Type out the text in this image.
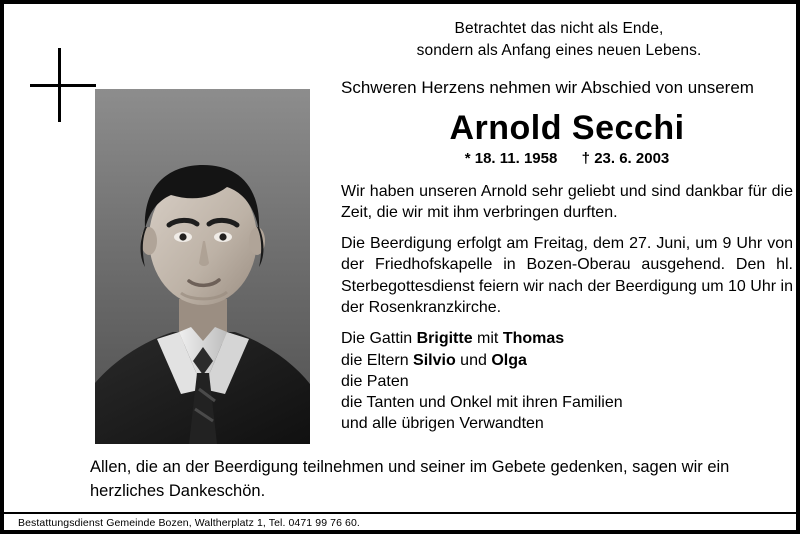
Betrachtet das nicht als Ende,
sondern als Anfang eines neuen Lebens.

Schweren Herzens nehmen wir Abschied von unserem

Arnold Secchi
* 18. 11. 1958 † 23. 6. 2003

Wir haben unseren Arnold sehr geliebt und sind dankbar für die Zeit, die wir mit ihm verbringen durften.

Die Beerdigung erfolgt am Freitag, dem 27. Juni, um 9 Uhr von der Friedhofskapelle in Bozen-Oberau ausgehend. Den hl. Sterbegottesdienst feiern wir nach der Beerdigung um 10 Uhr in der Rosenkranzkirche.

Die Gattin Brigitte mit Thomas
die Eltern Silvio und Olga
die Paten
die Tanten und Onkel mit ihren Familien
und alle übrigen Verwandten
Allen, die an der Beerdigung teilnehmen und seiner im Gebete gedenken, sagen wir ein herzliches Dankeschön.
Bestattungsdienst Gemeinde Bozen, Waltherplatz 1, Tel. 0471 99 76 60.
